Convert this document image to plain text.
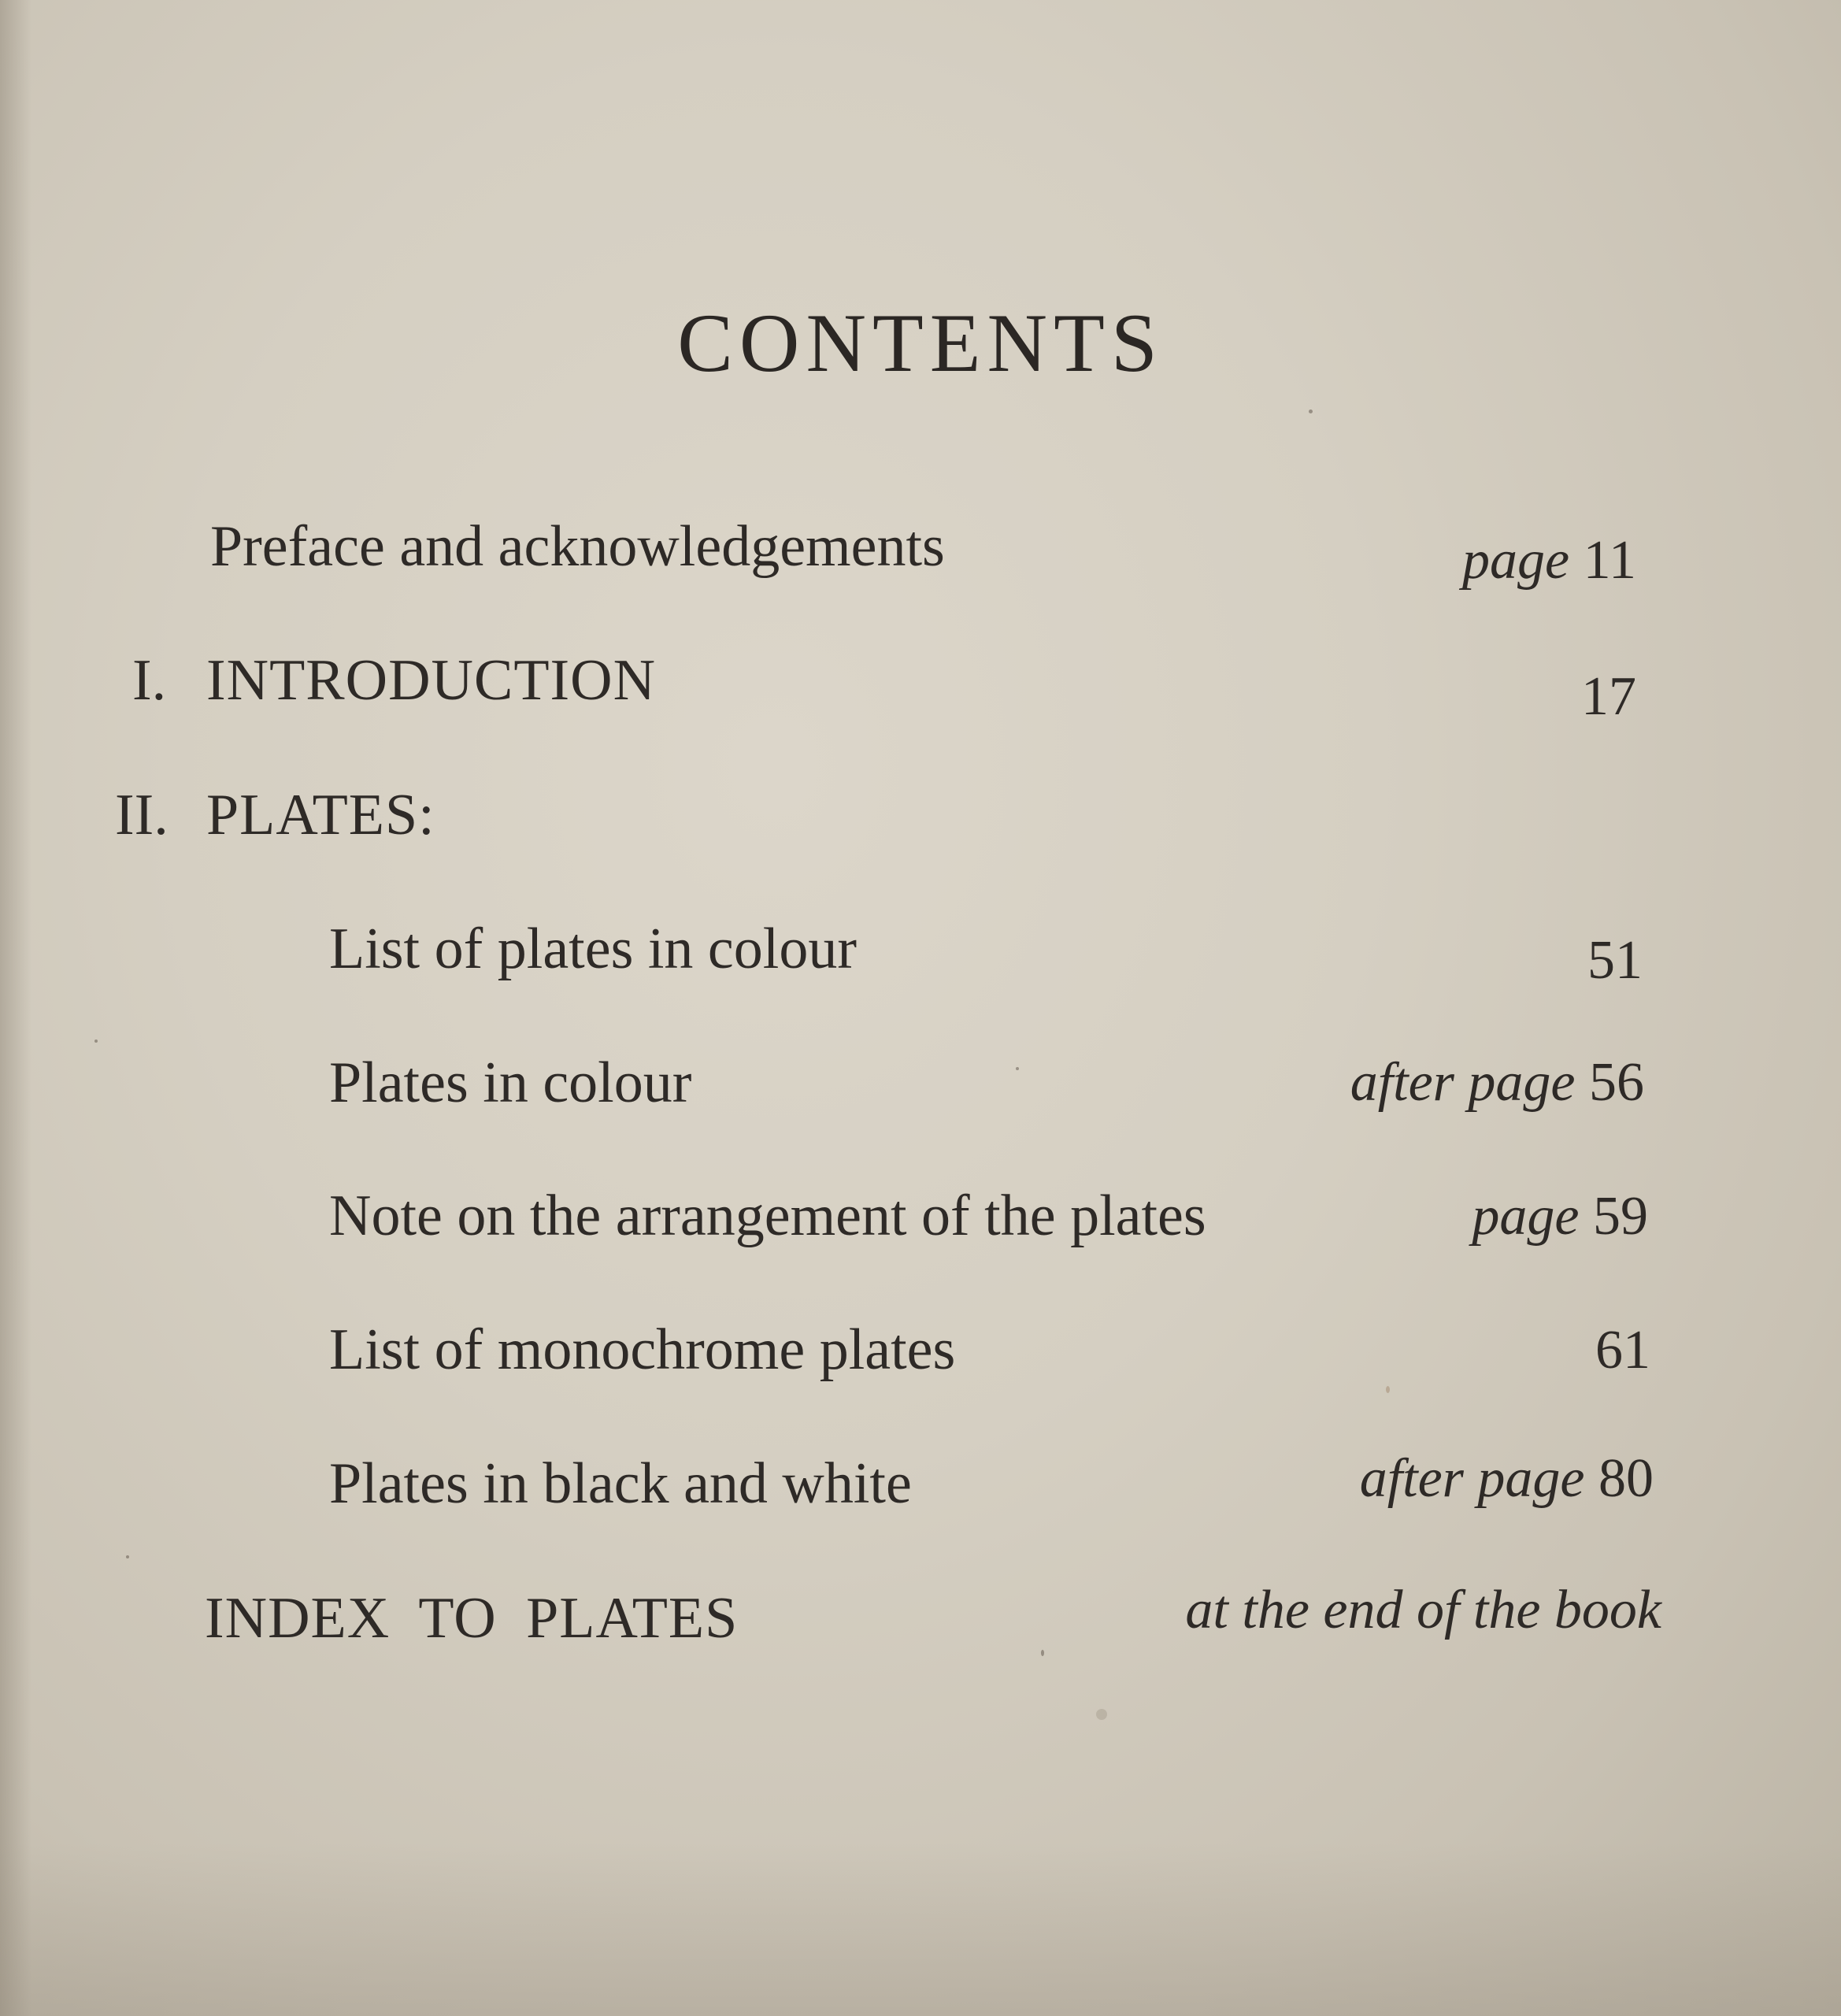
CONTENTS
Preface and acknowledgements	page 11
I. INTRODUCTION	17
II. PLATES:
List of plates in colour	51
Plates in colour	after page 56
Note on the arrangement of the plates	page 59
List of monochrome plates	61
Plates in black and white	after page 80
INDEX TO PLATES	at the end of the book
